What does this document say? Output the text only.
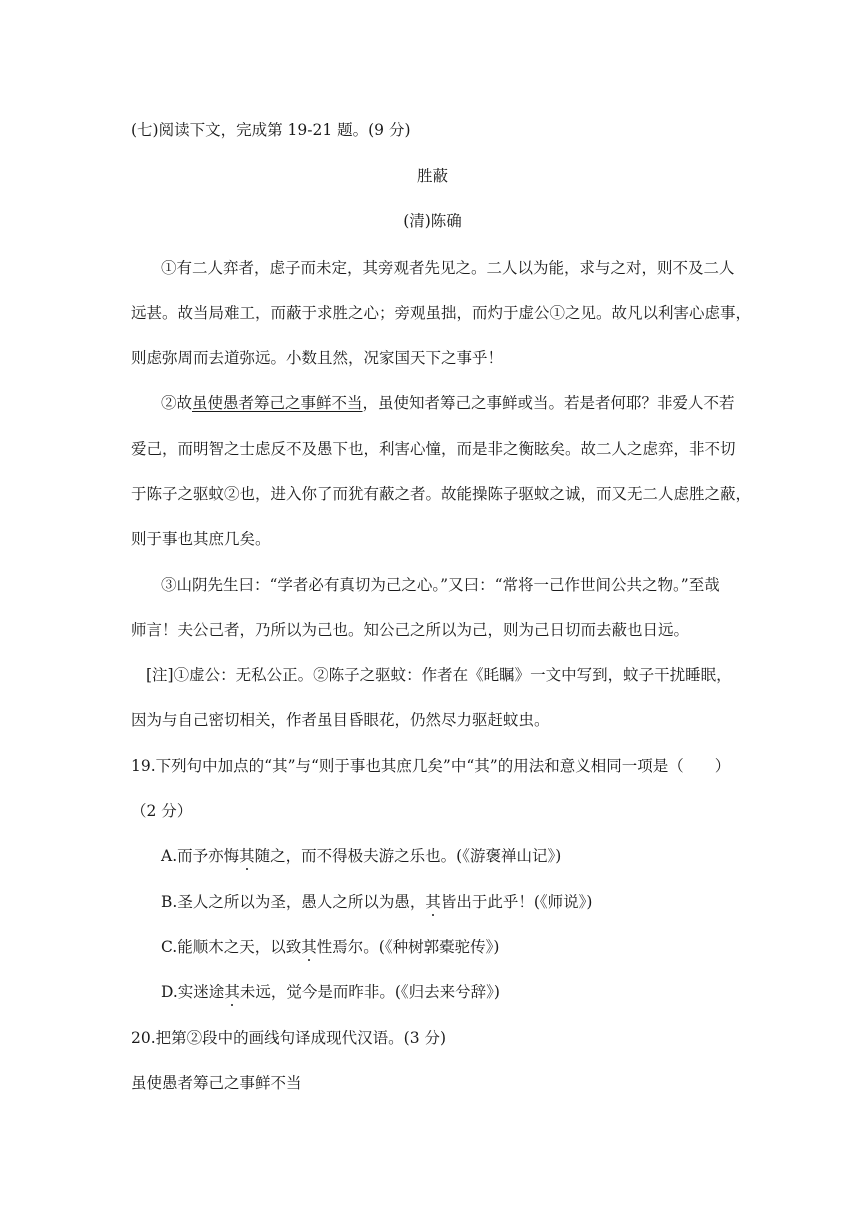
(七)阅读下文，完成第 19-21 题。(9 分)
胜蔽
(清)陈确
①有二人弈者，虑子而未定，其旁观者先见之。二人以为能，求与之对，则不及二人
远甚。故当局难工，而蔽于求胜之心；旁观虽拙，而灼于虚公①之见。故凡以利害心虑事，
则虑弥周而去道弥远。小数且然，况家国天下之事乎！
②故虽使愚者筹己之事鲜不当，虽使知者筹己之事鲜或当。若是者何耶？非爱人不若
爱己，而明智之士虑反不及愚下也，利害心憧，而是非之衡眩矣。故二人之虑弈，非不切
于陈子之驱蚊②也，进入你了而犹有蔽之者。故能操陈子驱蚊之诚，而又无二人虑胜之蔽，
则于事也其庶几矣。
③山阴先生曰：“学者必有真切为己之心。”又曰：“常将一己作世间公共之物。”至哉
师言！夫公己者，乃所以为己也。知公己之所以为己，则为己日切而去蔽也日远。
[注]①虚公：无私公正。②陈子之驱蚊：作者在《眊瞩》一文中写到，蚊子干扰睡眠，
因为与自己密切相关，作者虽目昏眼花，仍然尽力驱赶蚊虫。
19.下列句中加点的“其”与“则于事也其庶几矣”中“其”的用法和意义相同一项是（　　）
（2 分）
A.而予亦悔其随之，而不得极夫游之乐也。(《游褒禅山记》)
B.圣人之所以为圣，愚人之所以为愚，其皆出于此乎！(《师说》)
C.能顺木之天，以致其性焉尔。(《种树郭橐驼传》)
D.实迷途其未远，觉今是而昨非。(《归去来兮辞》)
20.把第②段中的画线句译成现代汉语。(3 分)
虽使愚者筹己之事鲜不当
